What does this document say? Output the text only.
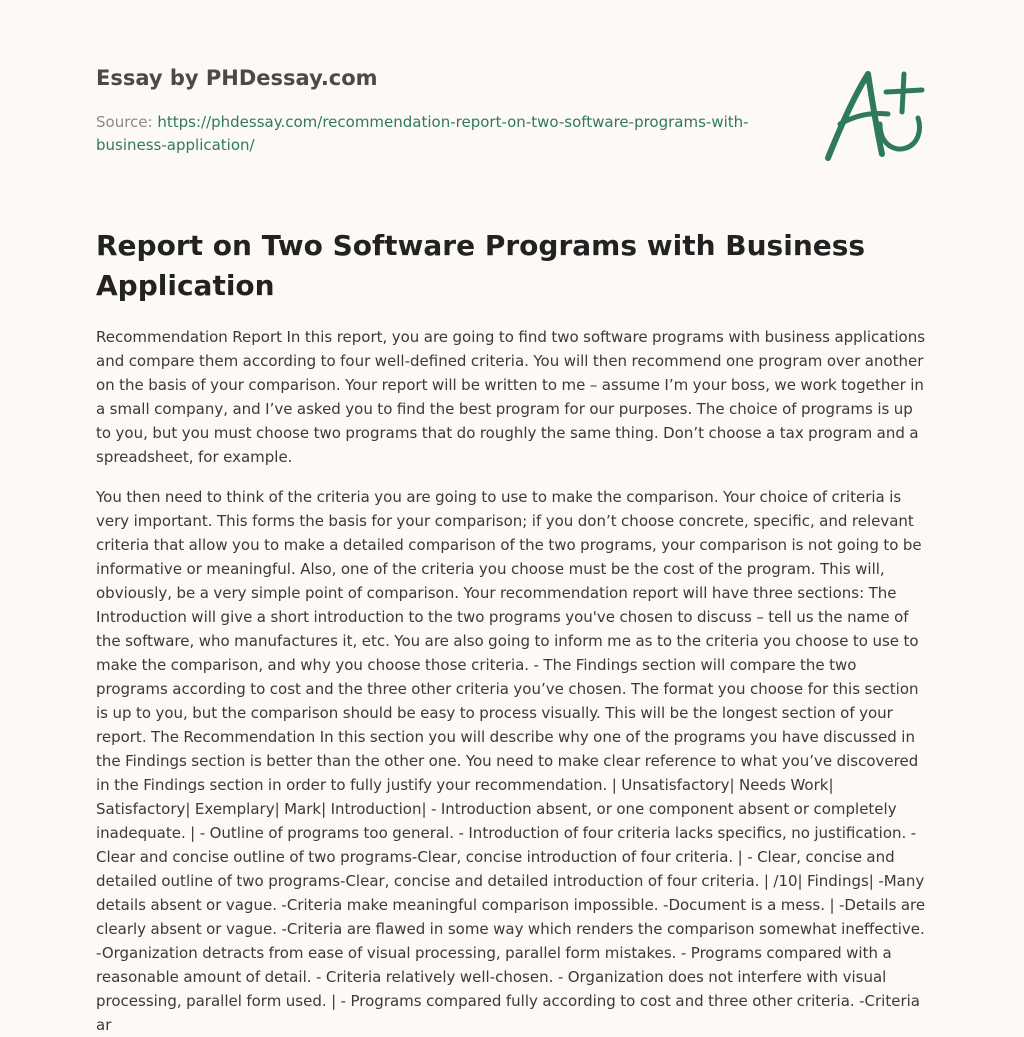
Essay by PHDessay.com
Source: https://phdessay.com/recommendation-report-on-two-software-programs-with-business-application/
Report on Two Software Programs with Business Application

Recommendation Report In this report, you are going to find two software programs with business applications and compare them according to four well-defined criteria. You will then recommend one program over another on the basis of your comparison. Your report will be written to me – assume I’m your boss, we work together in a small company, and I’ve asked you to find the best program for our purposes. The choice of programs is up to you, but you must choose two programs that do roughly the same thing. Don’t choose a tax program and a spreadsheet, for example.

You then need to think of the criteria you are going to use to make the comparison. Your choice of criteria is very important. This forms the basis for your comparison; if you don’t choose concrete, specific, and relevant criteria that allow you to make a detailed comparison of the two programs, your comparison is not going to be informative or meaningful. Also, one of the criteria you choose must be the cost of the program. This will, obviously, be a very simple point of comparison. Your recommendation report will have three sections: The Introduction will give a short introduction to the two programs you've chosen to discuss – tell us the name of the software, who manufactures it, etc. You are also going to inform me as to the criteria you choose to use to make the comparison, and why you choose those criteria. - The Findings section will compare the two programs according to cost and the three other criteria you’ve chosen. The format you choose for this section is up to you, but the comparison should be easy to process visually. This will be the longest section of your report. The Recommendation In this section you will describe why one of the programs you have discussed in the Findings section is better than the other one. You need to make clear reference to what you’ve discovered in the Findings section in order to fully justify your recommendation. | Unsatisfactory| Needs Work| Satisfactory| Exemplary| Mark| Introduction| - Introduction absent, or one component absent or completely inadequate. | - Outline of programs too general. - Introduction of four criteria lacks specifics, no justification. -Clear and concise outline of two programs-Clear, concise introduction of four criteria. | - Clear, concise and detailed outline of two programs-Clear, concise and detailed introduction of four criteria. | /10| Findings| -Many details absent or vague. -Criteria make meaningful comparison impossible. -Document is a mess. | -Details are clearly absent or vague. -Criteria are flawed in some way which renders the comparison somewhat ineffective. -Organization detracts from ease of visual processing, parallel form mistakes. - Programs compared with a reasonable amount of detail. - Criteria relatively well-chosen. - Organization does not interfere with visual processing, parallel form used. | - Programs compared fully according to cost and three other criteria. -Criteria ar
